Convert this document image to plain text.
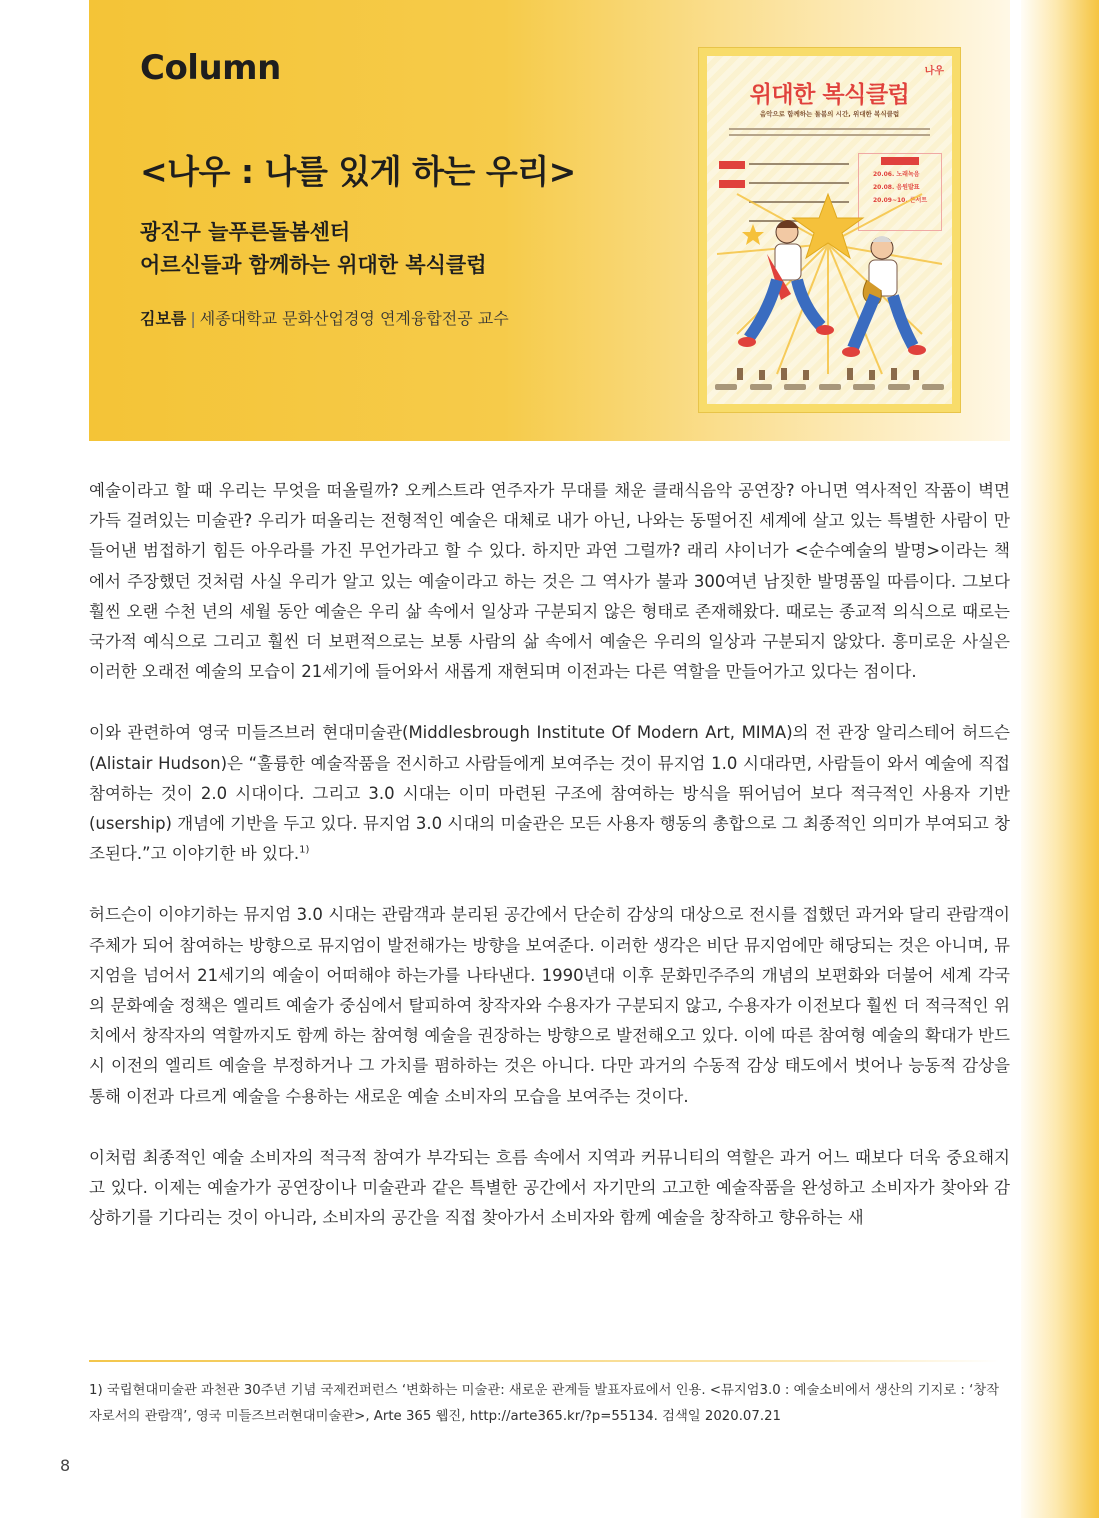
Column
<나우 : 나를 있게 하는 우리>
광진구 늘푸른돌봄센터
어르신들과 함께하는 위대한 복식클럽

김보름 | 세종대학교 문화산업경영 연계융합전공 교수

나우
위대한 복식클럽
음악으로 함께하는 돌봄의 시간, 위대한 복식클럽
20.06. 노래녹음
20.08. 음원발표
20.09~10. 콘서트

예술이라고 할 때 우리는 무엇을 떠올릴까? 오케스트라 연주자가 무대를 채운 클래식음악 공연장? 아니면 역사적인 작품이 벽면 가득 걸려있는 미술관? 우리가 떠올리는 전형적인 예술은 대체로 내가 아닌, 나와는 동떨어진 세계에 살고 있는 특별한 사람이 만들어낸 범접하기 힘든 아우라를 가진 무언가라고 할 수 있다. 하지만 과연 그럴까? 래리 샤이너가 <순수예술의 발명>이라는 책에서 주장했던 것처럼 사실 우리가 알고 있는 예술이라고 하는 것은 그 역사가 불과 300여년 남짓한 발명품일 따름이다. 그보다 훨씬 오랜 수천 년의 세월 동안 예술은 우리 삶 속에서 일상과 구분되지 않은 형태로 존재해왔다. 때로는 종교적 의식으로 때로는 국가적 예식으로 그리고 훨씬 더 보편적으로는 보통 사람의 삶 속에서 예술은 우리의 일상과 구분되지 않았다. 흥미로운 사실은 이러한 오래전 예술의 모습이 21세기에 들어와서 새롭게 재현되며 이전과는 다른 역할을 만들어가고 있다는 점이다.

이와 관련하여 영국 미들즈브러 현대미술관(Middlesbrough Institute Of Modern Art, MIMA)의 전 관장 알리스테어 허드슨(Alistair Hudson)은 “훌륭한 예술작품을 전시하고 사람들에게 보여주는 것이 뮤지엄 1.0 시대라면, 사람들이 와서 예술에 직접 참여하는 것이 2.0 시대이다. 그리고 3.0 시대는 이미 마련된 구조에 참여하는 방식을 뛰어넘어 보다 적극적인 사용자 기반(usership) 개념에 기반을 두고 있다. 뮤지엄 3.0 시대의 미술관은 모든 사용자 행동의 총합으로 그 최종적인 의미가 부여되고 창조된다.”고 이야기한 바 있다.$^{1)}$

허드슨이 이야기하는 뮤지엄 3.0 시대는 관람객과 분리된 공간에서 단순히 감상의 대상으로 전시를 접했던 과거와 달리 관람객이 주체가 되어 참여하는 방향으로 뮤지엄이 발전해가는 방향을 보여준다. 이러한 생각은 비단 뮤지엄에만 해당되는 것은 아니며, 뮤지엄을 넘어서 21세기의 예술이 어떠해야 하는가를 나타낸다. 1990년대 이후 문화민주주의 개념의 보편화와 더불어 세계 각국의 문화예술 정책은 엘리트 예술가 중심에서 탈피하여 창작자와 수용자가 구분되지 않고, 수용자가 이전보다 훨씬 더 적극적인 위치에서 창작자의 역할까지도 함께 하는 참여형 예술을 권장하는 방향으로 발전해오고 있다. 이에 따른 참여형 예술의 확대가 반드시 이전의 엘리트 예술을 부정하거나 그 가치를 폄하하는 것은 아니다. 다만 과거의 수동적 감상 태도에서 벗어나 능동적 감상을 통해 이전과 다르게 예술을 수용하는 새로운 예술 소비자의 모습을 보여주는 것이다.

이처럼 최종적인 예술 소비자의 적극적 참여가 부각되는 흐름 속에서 지역과 커뮤니티의 역할은 과거 어느 때보다 더욱 중요해지고 있다. 이제는 예술가가 공연장이나 미술관과 같은 특별한 공간에서 자기만의 고고한 예술작품을 완성하고 소비자가 찾아와 감상하기를 기다리는 것이 아니라, 소비자의 공간을 직접 찾아가서 소비자와 함께 예술을 창작하고 향유하는 새

1) 국립현대미술관 과천관 30주년 기념 국제컨퍼런스 ‘변화하는 미술관: 새로운 관계들 발표자료에서 인용. <뮤지엄3.0 : 예술소비에서 생산의 기지로 : ‘창작자로서의 관람객’, 영국 미들즈브러현대미술관>, Arte 365 웹진, http://arte365.kr/?p=55134. 검색일 2020.07.21
8
